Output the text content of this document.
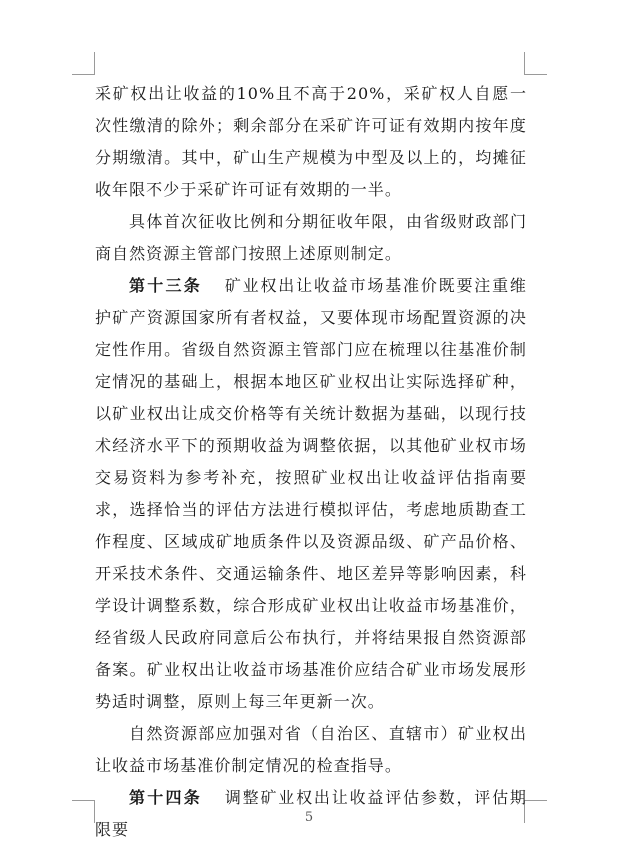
采矿权出让收益的10%且不高于20%，采矿权人自愿一次性缴清的除外；剩余部分在采矿许可证有效期内按年度分期缴清。其中，矿山生产规模为中型及以上的，均摊征收年限不少于采矿许可证有效期的一半。

具体首次征收比例和分期征收年限，由省级财政部门商自然资源主管部门按照上述原则制定。

第十三条 矿业权出让收益市场基准价既要注重维护矿产资源国家所有者权益，又要体现市场配置资源的决定性作用。省级自然资源主管部门应在梳理以往基准价制定情况的基础上，根据本地区矿业权出让实际选择矿种，以矿业权出让成交价格等有关统计数据为基础，以现行技术经济水平下的预期收益为调整依据，以其他矿业权市场交易资料为参考补充，按照矿业权出让收益评估指南要求，选择恰当的评估方法进行模拟评估，考虑地质勘查工作程度、区域成矿地质条件以及资源品级、矿产品价格、开采技术条件、交通运输条件、地区差异等影响因素，科学设计调整系数，综合形成矿业权出让收益市场基准价，经省级人民政府同意后公布执行，并将结果报自然资源部备案。矿业权出让收益市场基准价应结合矿业市场发展形势适时调整，原则上每三年更新一次。

自然资源部应加强对省（自治区、直辖市）矿业权出让收益市场基准价制定情况的检查指导。

第十四条 调整矿业权出让收益评估参数，评估期限要

5
